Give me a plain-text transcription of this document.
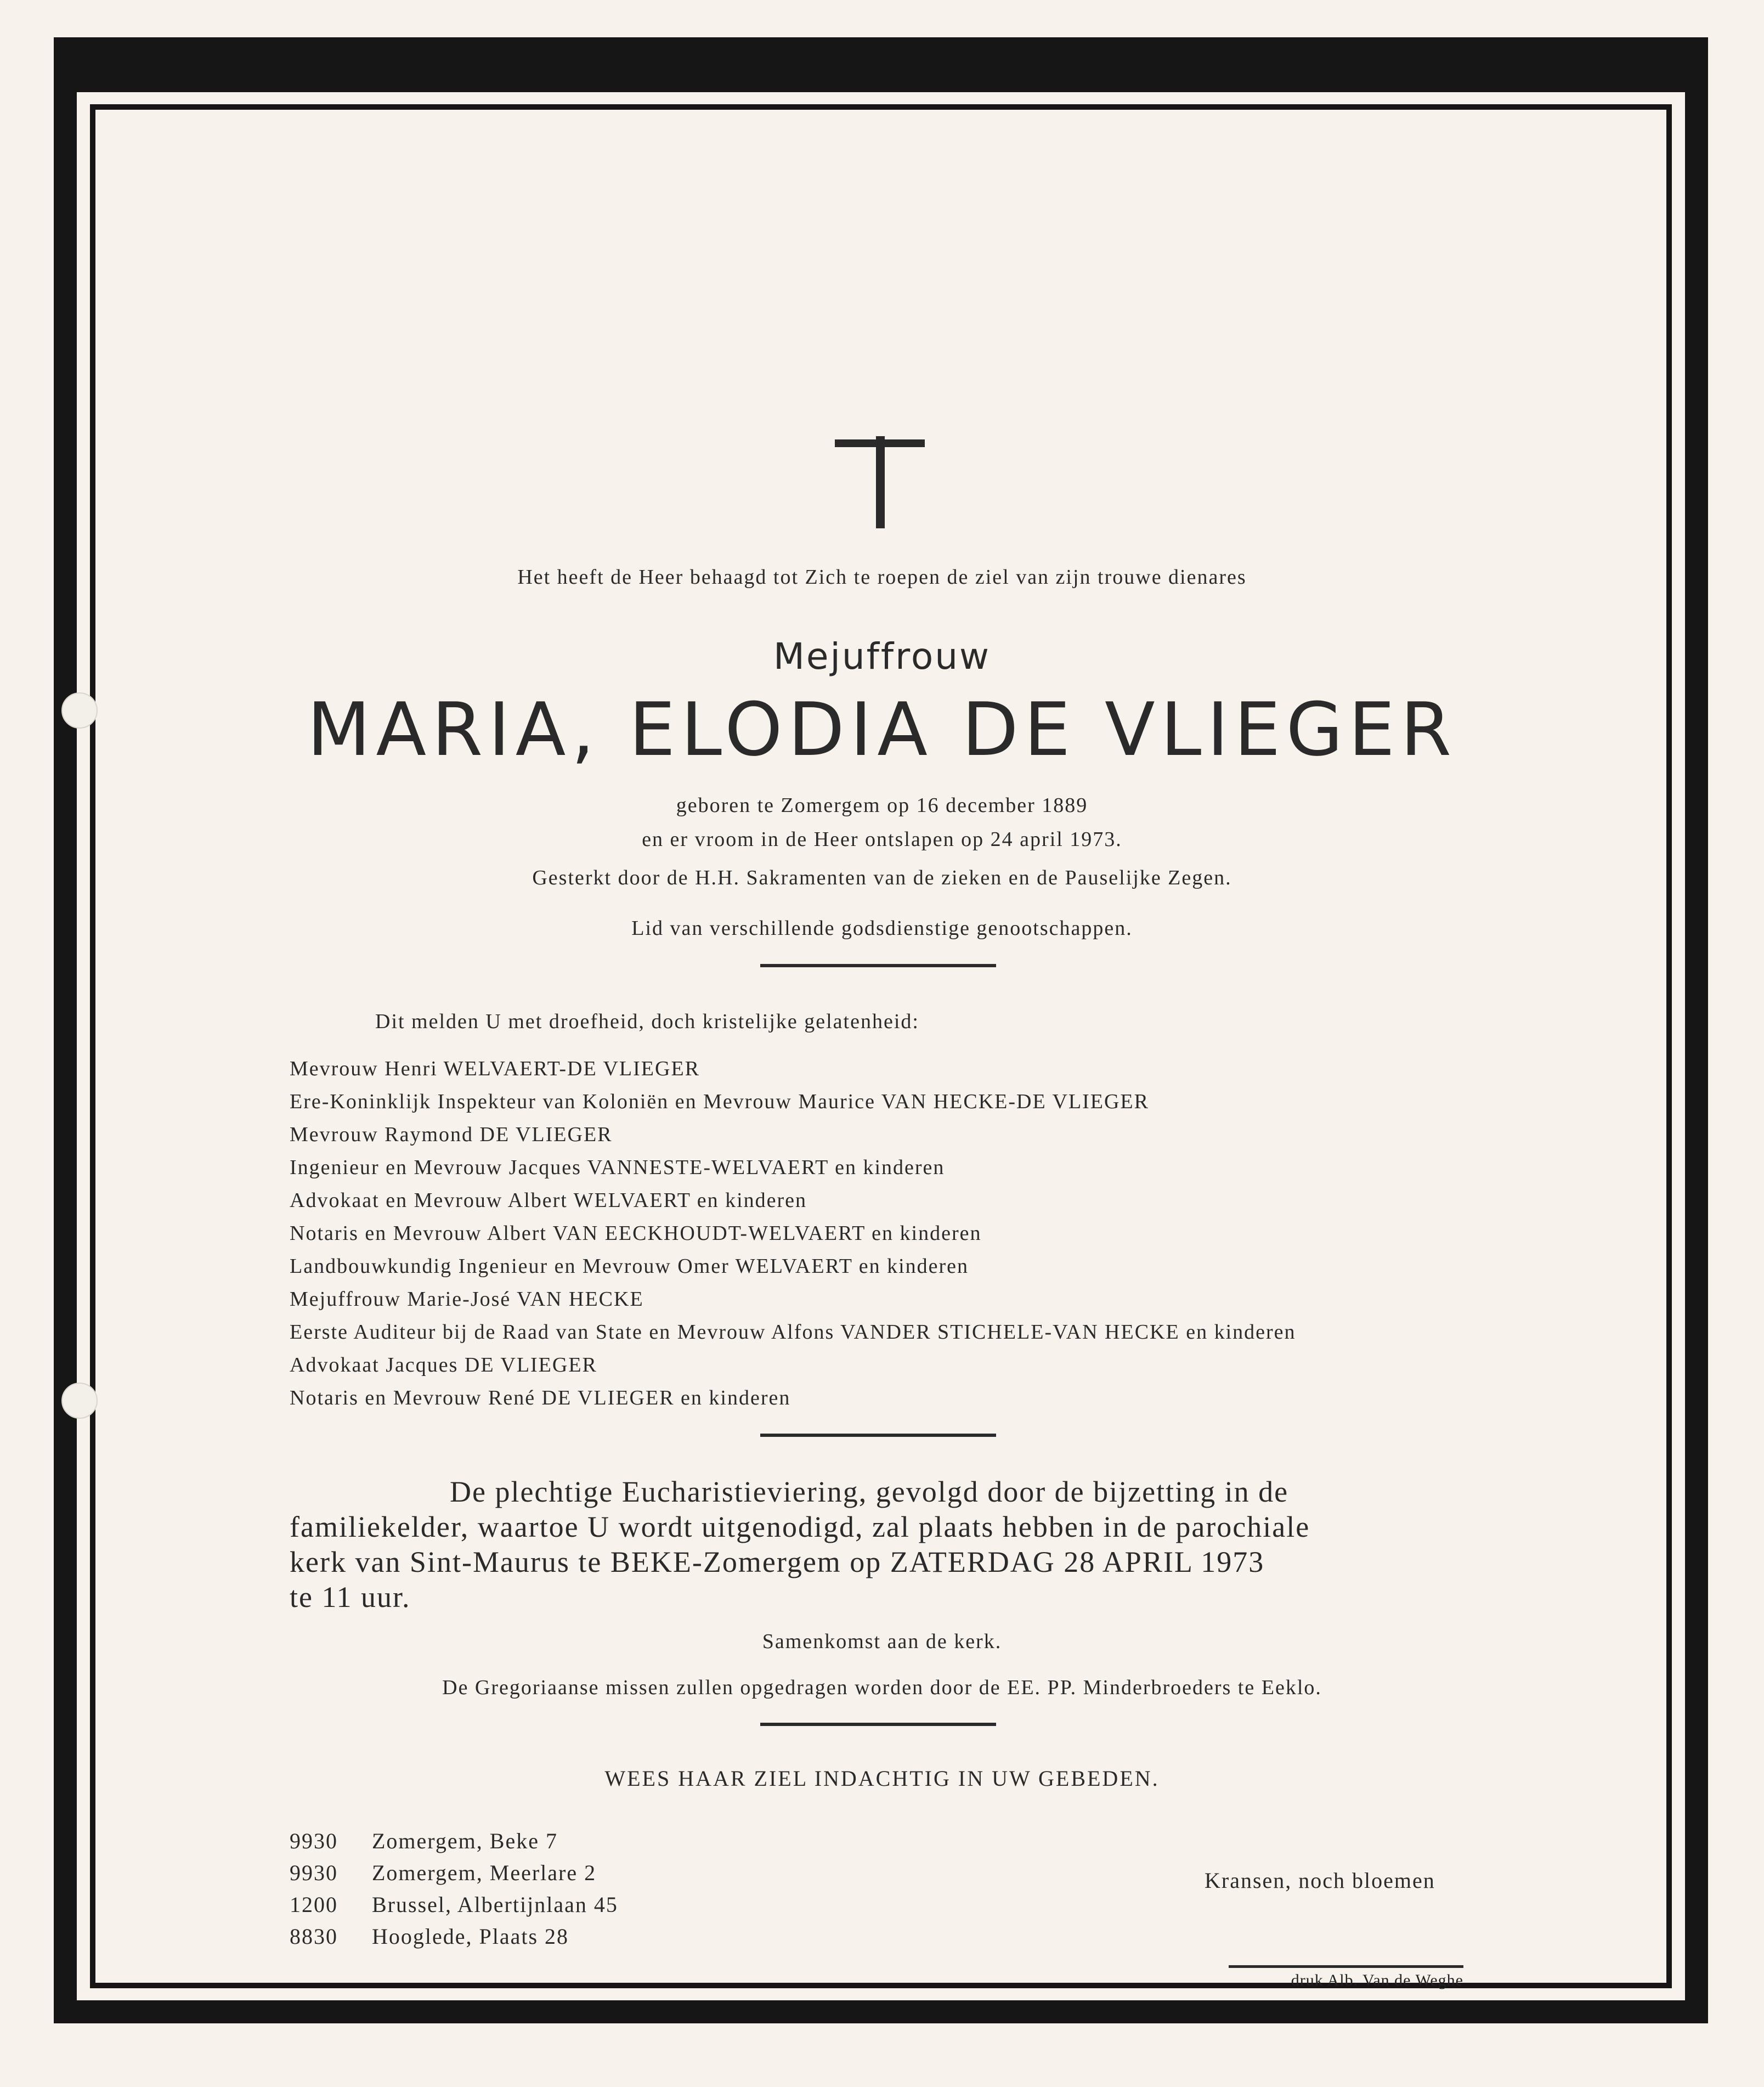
Het heeft de Heer behaagd tot Zich te roepen de ziel van zijn trouwe dienares
Mejuffrouw
MARIA, ELODIA DE VLIEGER
geboren te Zomergem op 16 december 1889
en er vroom in de Heer ontslapen op 24 april 1973.
Gesterkt door de H.H. Sakramenten van de zieken en de Pauselijke Zegen.
Lid van verschillende godsdienstige genootschappen.
Dit melden U met droefheid, doch kristelijke gelatenheid:
Mevrouw Henri WELVAERT-DE VLIEGER
Ere-Koninklijk Inspekteur van Koloniën en Mevrouw Maurice VAN HECKE-DE VLIEGER
Mevrouw Raymond DE VLIEGER
Ingenieur en Mevrouw Jacques VANNESTE-WELVAERT en kinderen
Advokaat en Mevrouw Albert WELVAERT en kinderen
Notaris en Mevrouw Albert VAN EECKHOUDT-WELVAERT en kinderen
Landbouwkundig Ingenieur en Mevrouw Omer WELVAERT en kinderen
Mejuffrouw Marie-José VAN HECKE
Eerste Auditeur bij de Raad van State en Mevrouw Alfons VANDER STICHELE-VAN HECKE en kinderen
Advokaat Jacques DE VLIEGER
Notaris en Mevrouw René DE VLIEGER en kinderen
De plechtige Eucharistieviering, gevolgd door de bijzetting in de
familiekelder, waartoe U wordt uitgenodigd, zal plaats hebben in de parochiale
kerk van Sint-Maurus te BEKE-Zomergem op ZATERDAG 28 APRIL 1973
te 11 uur.
Samenkomst aan de kerk.
De Gregoriaanse missen zullen opgedragen worden door de EE. PP. Minderbroeders te Eeklo.
WEES HAAR ZIEL INDACHTIG IN UW GEBEDEN.
9930 Zomergem, Beke 7
9930 Zomergem, Meerlare 2
1200 Brussel, Albertijnlaan 45
8830 Hooglede, Plaats 28
Kransen, noch bloemen
druk Alb. Van de Weghe
